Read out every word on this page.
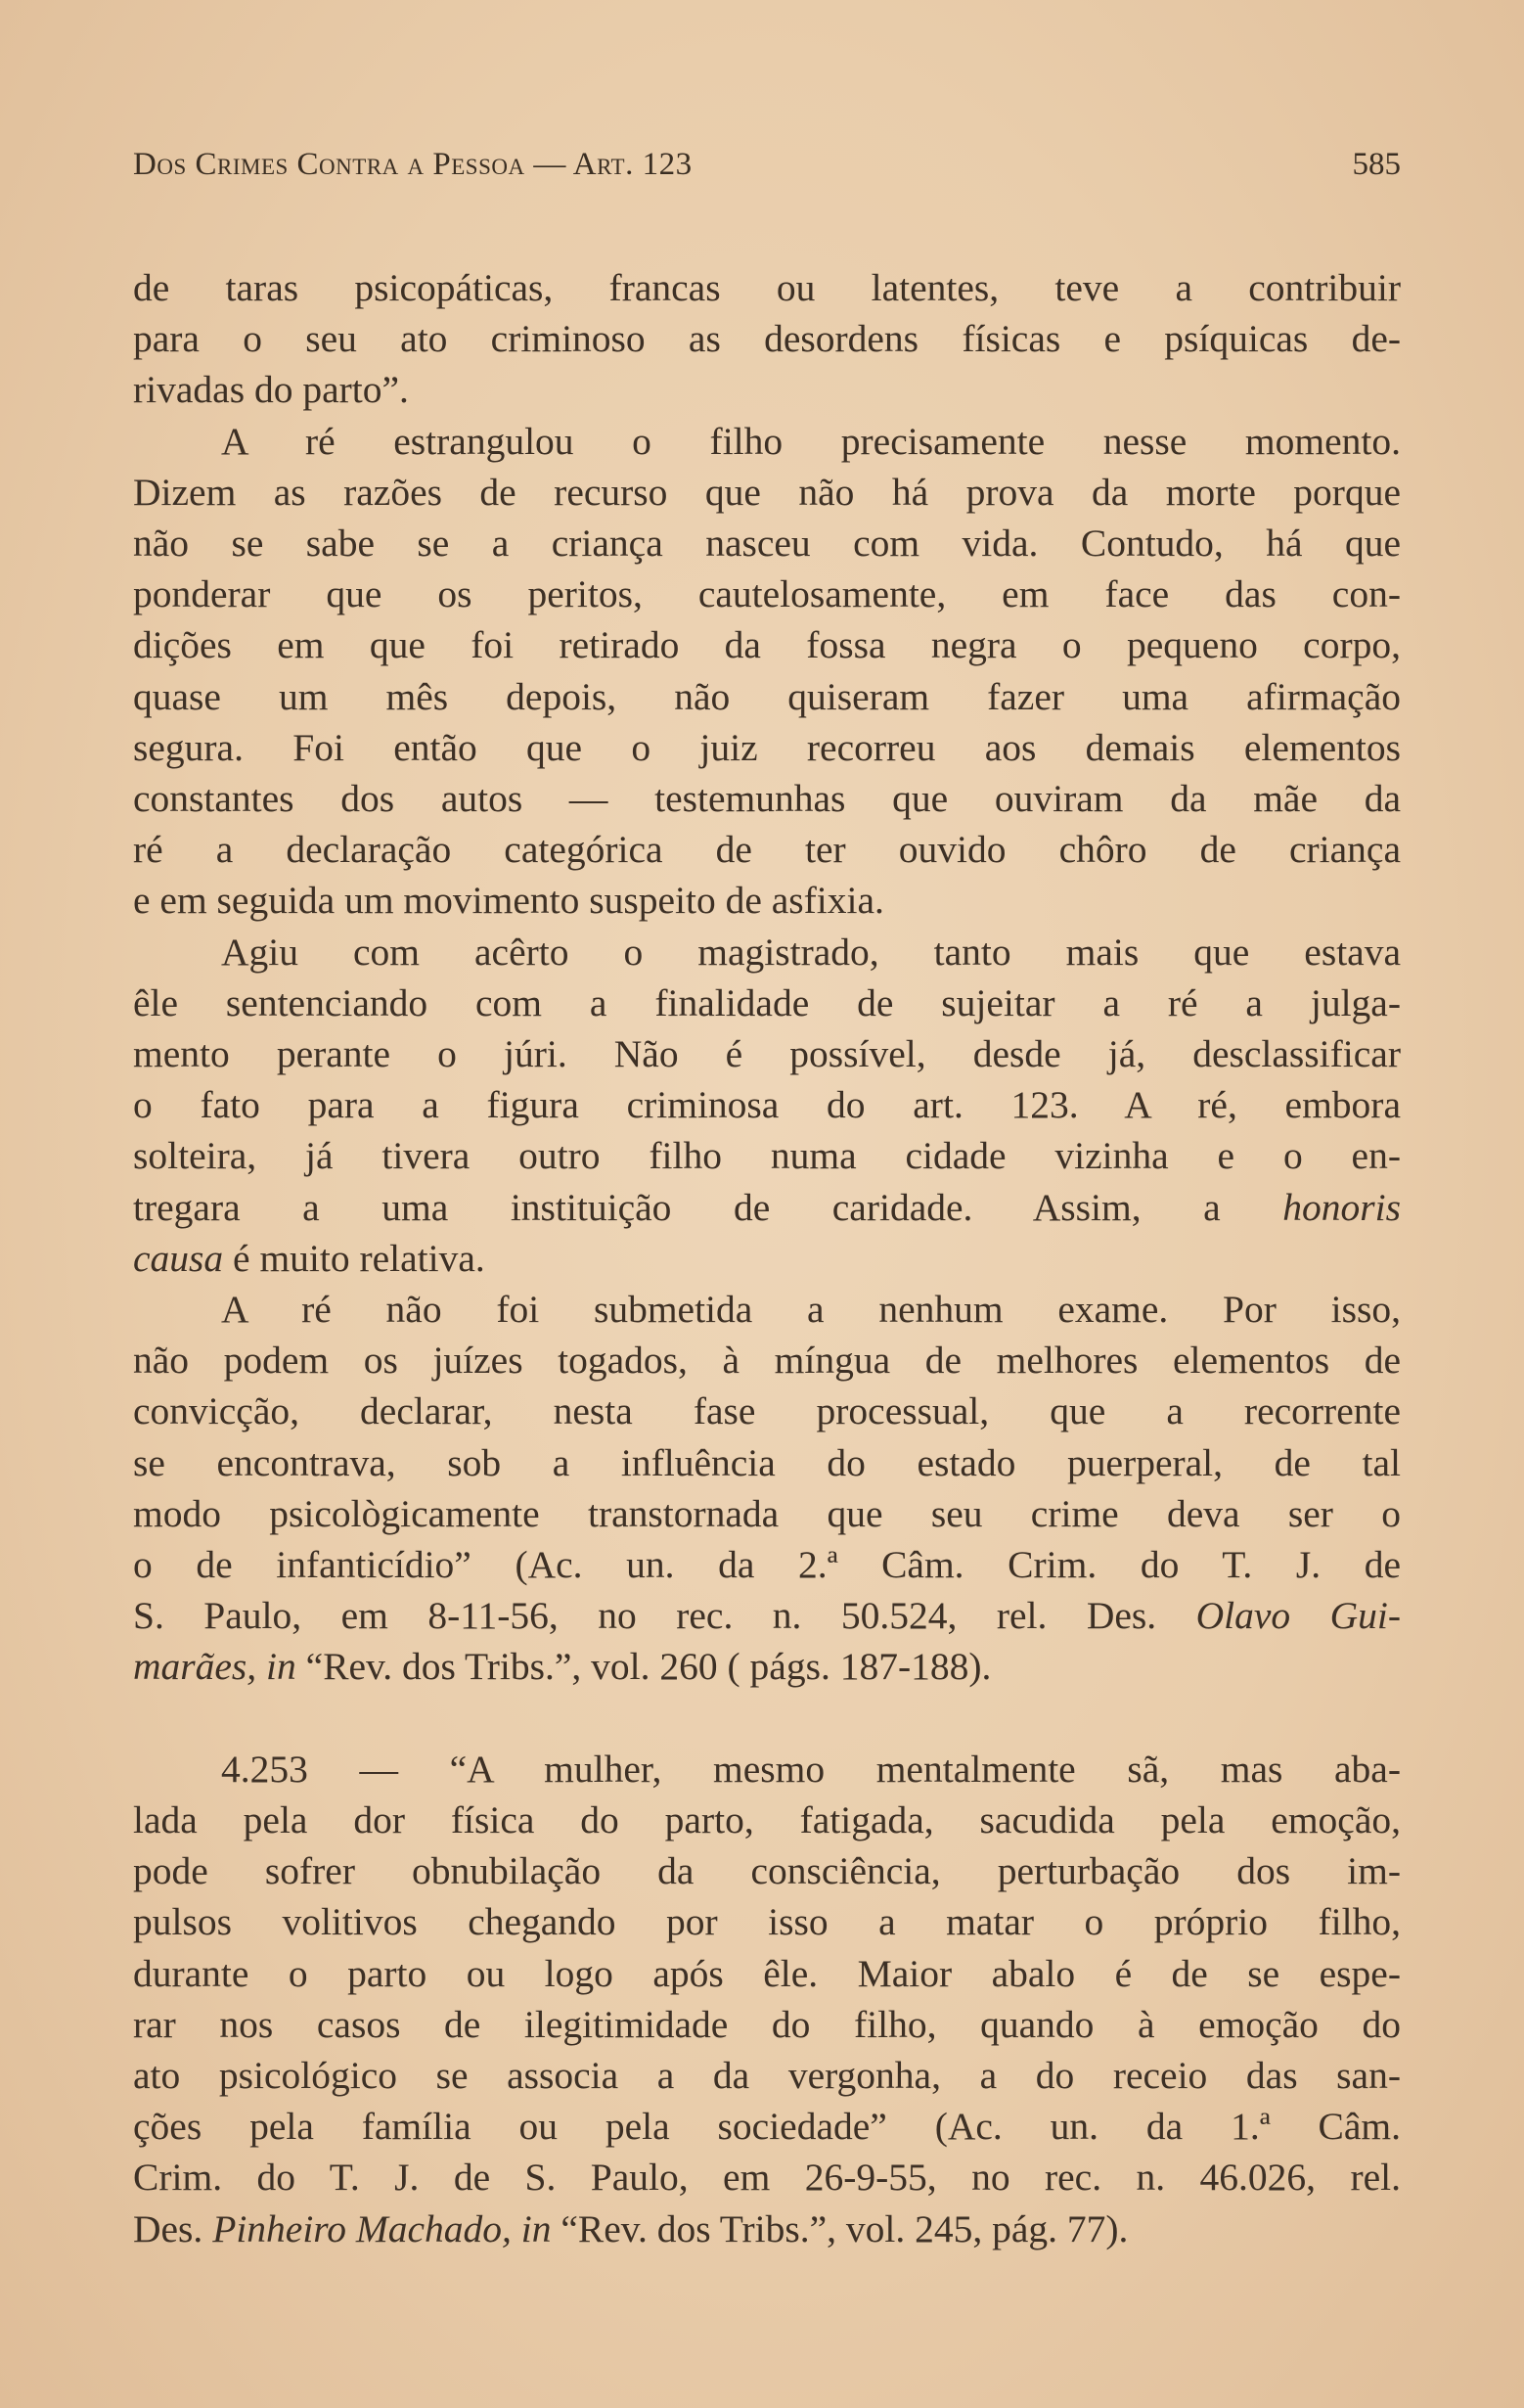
Dos Crimes Contra a Pessoa — Art. 123	585
de taras psicopáticas, francas ou latentes, teve a contribuir
para o seu ato criminoso as desordens físicas e psíquicas de-
rivadas do parto”.
A ré estrangulou o filho precisamente nesse momento.
Dizem as razões de recurso que não há prova da morte porque
não se sabe se a criança nasceu com vida. Contudo, há que
ponderar que os peritos, cautelosamente, em face das con-
dições em que foi retirado da fossa negra o pequeno corpo,
quase um mês depois, não quiseram fazer uma afirmação
segura. Foi então que o juiz recorreu aos demais elementos
constantes dos autos — testemunhas que ouviram da mãe da
ré a declaração categórica de ter ouvido chôro de criança
e em seguida um movimento suspeito de asfixia.
Agiu com acêrto o magistrado, tanto mais que estava
êle sentenciando com a finalidade de sujeitar a ré a julga-
mento perante o júri. Não é possível, desde já, desclassificar
o fato para a figura criminosa do art. 123. A ré, embora
solteira, já tivera outro filho numa cidade vizinha e o en-
tregara a uma instituição de caridade. Assim, a honoris
causa é muito relativa.
A ré não foi submetida a nenhum exame. Por isso,
não podem os juízes togados, à míngua de melhores elementos de
convicção, declarar, nesta fase processual, que a recorrente
se encontrava, sob a influência do estado puerperal, de tal
modo psicològicamente transtornada que seu crime deva ser o
o de infanticídio” (Ac. un. da 2.ª Câm. Crim. do T. J. de
S. Paulo, em 8-11-56, no rec. n. 50.524, rel. Des. Olavo Gui-
marães, in “Rev. dos Tribs.”, vol. 260 ( págs. 187-188).
4.253 — “A mulher, mesmo mentalmente sã, mas aba-
lada pela dor física do parto, fatigada, sacudida pela emoção,
pode sofrer obnubilação da consciência, perturbação dos im-
pulsos volitivos chegando por isso a matar o próprio filho,
durante o parto ou logo após êle. Maior abalo é de se espe-
rar nos casos de ilegitimidade do filho, quando à emoção do
ato psicológico se associa a da vergonha, a do receio das san-
ções pela família ou pela sociedade” (Ac. un. da 1.ª Câm.
Crim. do T. J. de S. Paulo, em 26-9-55, no rec. n. 46.026, rel.
Des. Pinheiro Machado, in “Rev. dos Tribs.”, vol. 245, pág. 77).
